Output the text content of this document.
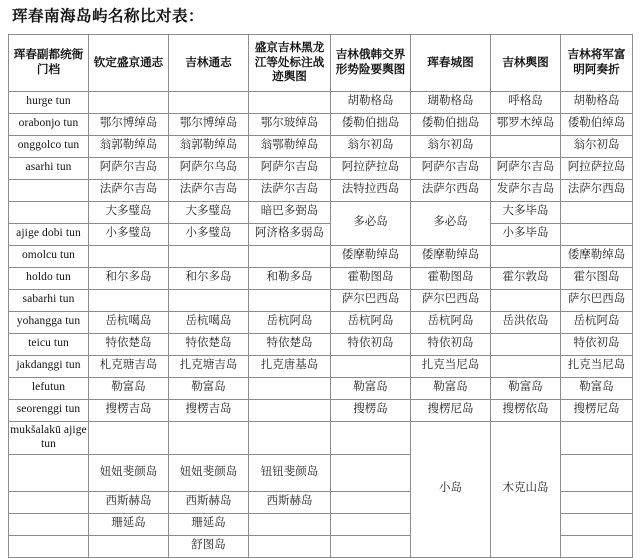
珲春南海岛屿名称比对表：
珲春副都统衙门档	钦定盛京通志	吉林通志	盛京吉林黑龙江等处标注战迹舆图	吉林俄韩交界形势险要舆图	珲春城图	吉林舆图	吉林将军富明阿奏折
hurge tun				胡勒格岛	瑚勒格岛	呼格岛	胡勒格岛
orabonjo tun	鄂尔博绰岛	鄂尔博绰岛	鄂尔玻绰岛	倭勒伯拙岛	倭勒伯拙岛	鄂罗木绰岛	倭勒伯绰岛
onggolco tun	翁郭勒绰岛	翁郭勒绰岛	翁鄂勒绰岛	翁尔初岛	翁尔初岛		翁尔初岛
asarhi tun	阿萨尔吉岛	阿萨尔乌岛	阿萨尔吉岛	阿拉萨拉岛	阿萨尔吉岛	阿萨尔吉岛	阿拉萨拉岛
	法萨尔吉岛	法萨尔吉岛	法萨尔吉岛	法特拉西岛	法萨尔西岛	发萨尔吉岛	法萨尔西岛
	大多璧岛	大多璧岛	暗巴多弼岛	多必岛	多必岛	大多毕岛	
ajige dobi tun	小多璧岛	小多璧岛	阿济格多弱岛			小多毕岛	
omolcu tun				倭摩勒绰岛	倭摩勒绰岛		倭摩勒绰岛
holdo tun	和尔多岛	和尔多岛	和勒多岛	霍勒图岛	霍勒图岛	霍尔敦岛	霍尔图岛
sabarhi tun				萨尔巴西岛	萨尔巴西岛		萨尔巴西岛
yohangga tun	岳杭噶岛	岳杭噶岛	岳杭阿岛	岳杭阿岛	岳杭阿岛	岳洪依岛	岳杭阿岛
teicu tun	特依楚岛	特依楚岛	特依楚岛	特依初岛	特依初岛		特依初岛
jakdanggi tun	札克瑭吉岛	扎克塘吉岛	扎克唐基岛		扎克当尼岛		扎克当尼岛
lefutun	勒富岛	勒富岛		勒富岛	勒富岛	勒富岛	勒富岛
seorenggi tun	搜楞吉岛	搜楞吉岛		搜楞岛	搜楞尼岛	搜楞依岛	搜楞尼岛
mukšalakū ajige tun					小岛	木克山岛	
	妞妞斐颜岛	妞妞斐颜岛	钮钮斐颜岛				
	西斯赫岛	西斯赫岛	西斯赫岛				
	珊延岛	珊延岛					
		舒图岛					
